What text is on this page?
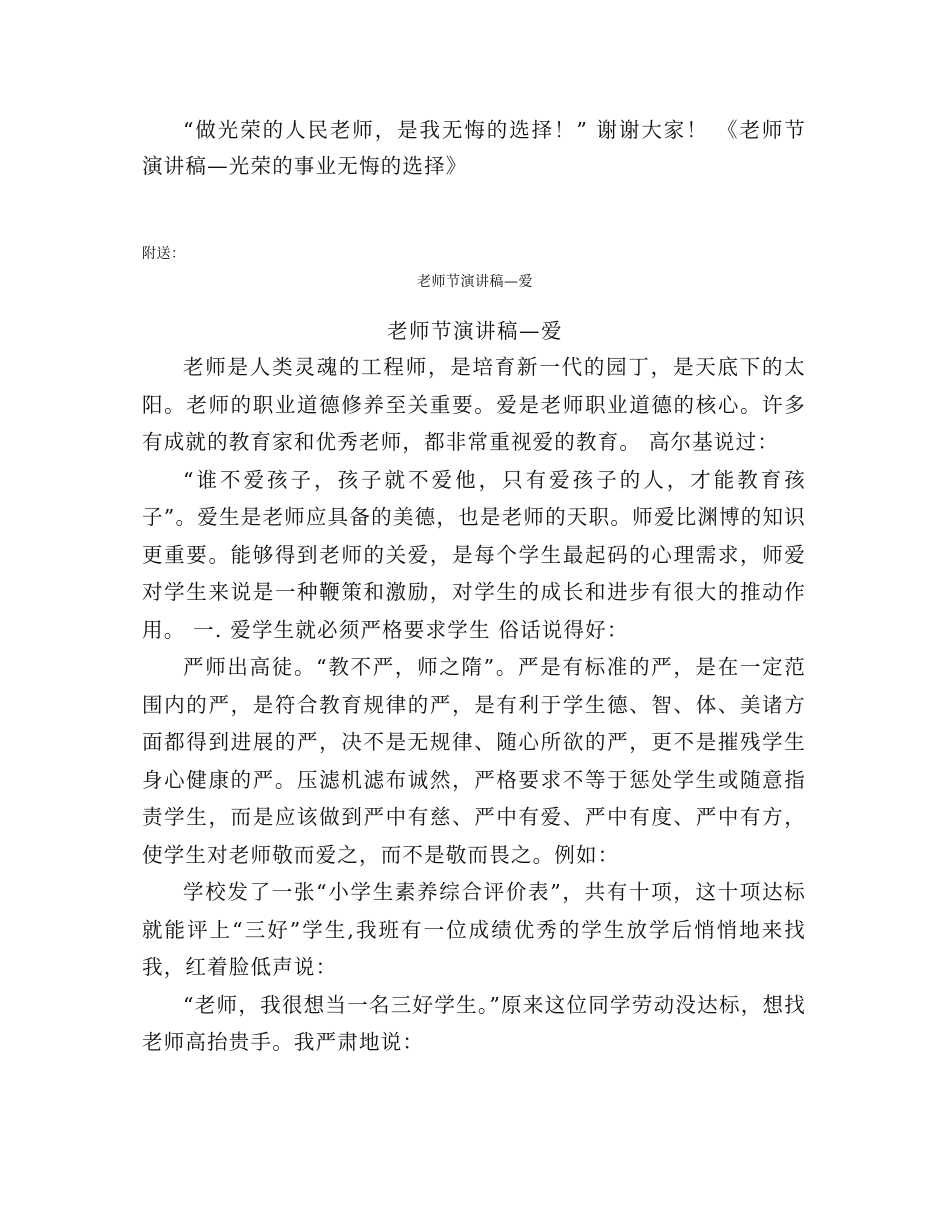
“做光荣的人民老师，是我无悔的选择！” 谢谢大家！ 《老师节演讲稿—光荣的事业无悔的选择》

附送：

老师节演讲稿—爱

老师节演讲稿—爱

老师是人类灵魂的工程师，是培育新一代的园丁，是天底下的太阳。老师的职业道德修养至关重要。爱是老师职业道德的核心。许多有成就的教育家和优秀老师，都非常重视爱的教育。 高尔基说过：

“谁不爱孩子，孩子就不爱他，只有爱孩子的人，才能教育孩子”。爱生是老师应具备的美德，也是老师的天职。师爱比渊博的知识更重要。能够得到老师的关爱，是每个学生最起码的心理需求，师爱对学生来说是一种鞭策和激励，对学生的成长和进步有很大的推动作用。 一. 爱学生就必须严格要求学生 俗话说得好：

严师出高徒。“教不严，师之隋”。严是有标准的严，是在一定范围内的严，是符合教育规律的严，是有利于学生德、智、体、美诸方面都得到进展的严，决不是无规律、随心所欲的严，更不是摧残学生身心健康的严。压滤机滤布诚然，严格要求不等于惩处学生或随意指责学生，而是应该做到严中有慈、严中有爱、严中有度、严中有方，使学生对老师敬而爱之，而不是敬而畏之。例如：

学校发了一张“小学生素养综合评价表”，共有十项，这十项达标就能评上“三好”学生,我班有一位成绩优秀的学生放学后悄悄地来找我，红着脸低声说：

“老师，我很想当一名三好学生。”原来这位同学劳动没达标，想找老师高抬贵手。我严肃地说：
